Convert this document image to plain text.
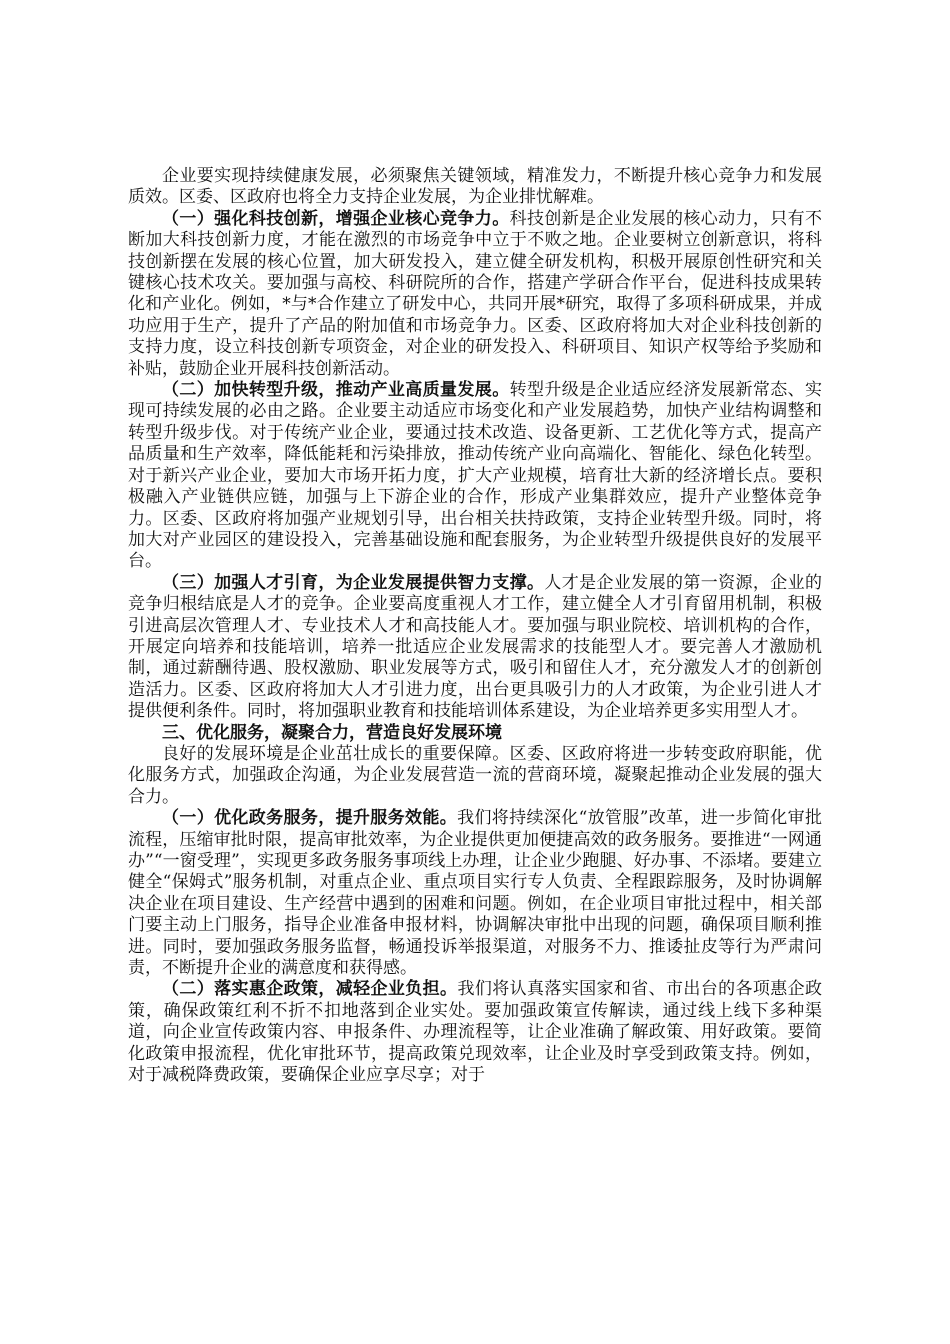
企业要实现持续健康发展，必须聚焦关键领域，精准发力，不断提升核心竞争力和发展质效。区委、区政府也将全力支持企业发展，为企业排忧解难。

（一）强化科技创新，增强企业核心竞争力。科技创新是企业发展的核心动力，只有不断加大科技创新力度，才能在激烈的市场竞争中立于不败之地。企业要树立创新意识，将科技创新摆在发展的核心位置，加大研发投入，建立健全研发机构，积极开展原创性研究和关键核心技术攻关。要加强与高校、科研院所的合作，搭建产学研合作平台，促进科技成果转化和产业化。例如，*与*合作建立了研发中心，共同开展*研究，取得了多项科研成果，并成功应用于生产，提升了产品的附加值和市场竞争力。区委、区政府将加大对企业科技创新的支持力度，设立科技创新专项资金，对企业的研发投入、科研项目、知识产权等给予奖励和补贴，鼓励企业开展科技创新活动。

（二）加快转型升级，推动产业高质量发展。转型升级是企业适应经济发展新常态、实现可持续发展的必由之路。企业要主动适应市场变化和产业发展趋势，加快产业结构调整和转型升级步伐。对于传统产业企业，要通过技术改造、设备更新、工艺优化等方式，提高产品质量和生产效率，降低能耗和污染排放，推动传统产业向高端化、智能化、绿色化转型。对于新兴产业企业，要加大市场开拓力度，扩大产业规模，培育壮大新的经济增长点。要积极融入产业链供应链，加强与上下游企业的合作，形成产业集群效应，提升产业整体竞争力。区委、区政府将加强产业规划引导，出台相关扶持政策，支持企业转型升级。同时，将加大对产业园区的建设投入，完善基础设施和配套服务，为企业转型升级提供良好的发展平台。

（三）加强人才引育，为企业发展提供智力支撑。人才是企业发展的第一资源，企业的竞争归根结底是人才的竞争。企业要高度重视人才工作，建立健全人才引育留用机制，积极引进高层次管理人才、专业技术人才和高技能人才。要加强与职业院校、培训机构的合作，开展定向培养和技能培训，培养一批适应企业发展需求的技能型人才。要完善人才激励机制，通过薪酬待遇、股权激励、职业发展等方式，吸引和留住人才，充分激发人才的创新创造活力。区委、区政府将加大人才引进力度，出台更具吸引力的人才政策，为企业引进人才提供便利条件。同时，将加强职业教育和技能培训体系建设，为企业培养更多实用型人才。

三、优化服务，凝聚合力，营造良好发展环境

良好的发展环境是企业茁壮成长的重要保障。区委、区政府将进一步转变政府职能，优化服务方式，加强政企沟通，为企业发展营造一流的营商环境，凝聚起推动企业发展的强大合力。

（一）优化政务服务，提升服务效能。我们将持续深化“放管服”改革，进一步简化审批流程，压缩审批时限，提高审批效率，为企业提供更加便捷高效的政务服务。要推进“一网通办”“一窗受理”，实现更多政务服务事项线上办理，让企业少跑腿、好办事、不添堵。要建立健全“保姆式”服务机制，对重点企业、重点项目实行专人负责、全程跟踪服务，及时协调解决企业在项目建设、生产经营中遇到的困难和问题。例如，在企业项目审批过程中，相关部门要主动上门服务，指导企业准备申报材料，协调解决审批中出现的问题，确保项目顺利推进。同时，要加强政务服务监督，畅通投诉举报渠道，对服务不力、推诿扯皮等行为严肃问责，不断提升企业的满意度和获得感。

（二）落实惠企政策，减轻企业负担。我们将认真落实国家和省、市出台的各项惠企政策，确保政策红利不折不扣地落到企业实处。要加强政策宣传解读，通过线上线下多种渠道，向企业宣传政策内容、申报条件、办理流程等，让企业准确了解政策、用好政策。要简化政策申报流程，优化审批环节，提高政策兑现效率，让企业及时享受到政策支持。例如，对于减税降费政策，要确保企业应享尽享；对于
